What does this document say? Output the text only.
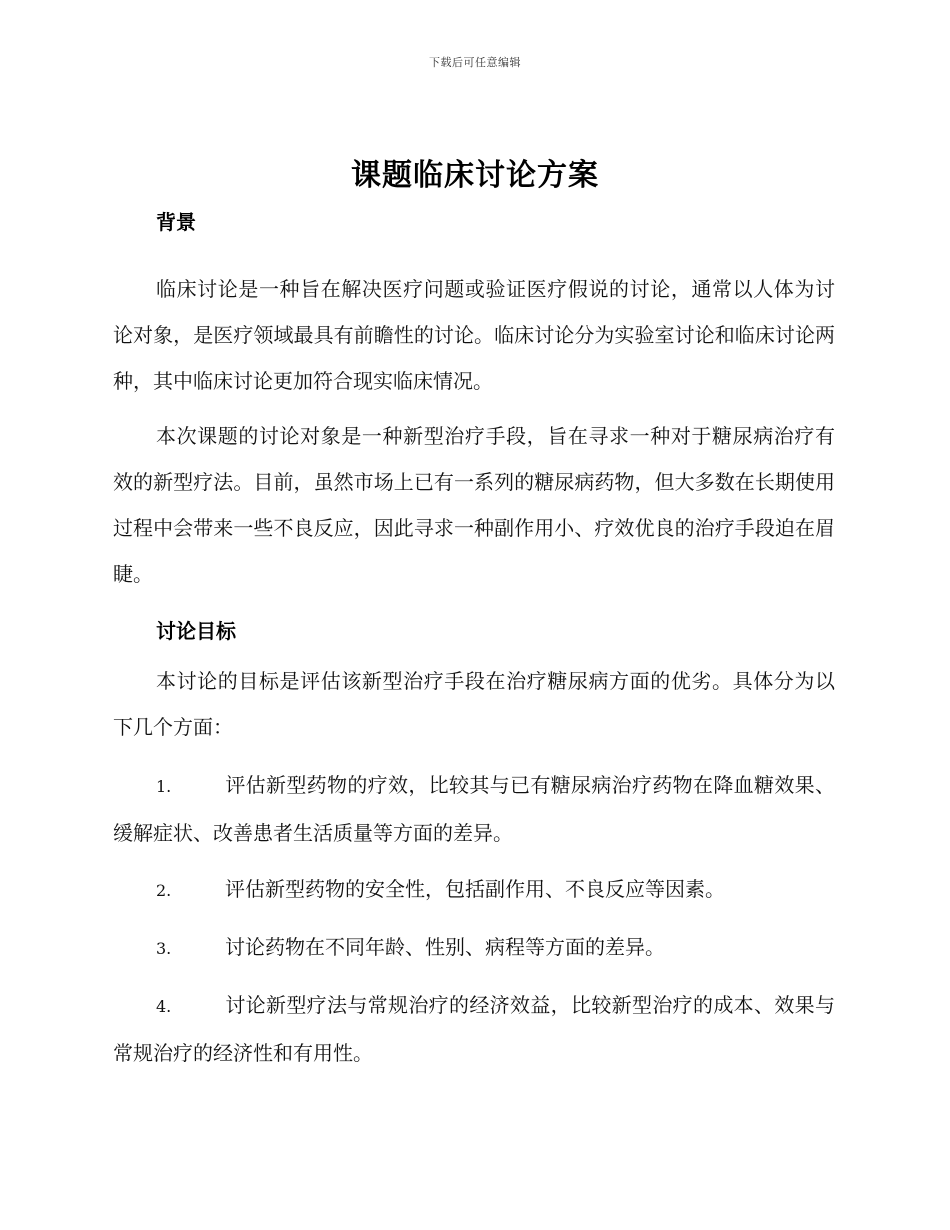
下载后可任意编辑
课题临床讨论方案

背景

临床讨论是一种旨在解决医疗问题或验证医疗假说的讨论，通常以人体为讨论对象，是医疗领域最具有前瞻性的讨论。临床讨论分为实验室讨论和临床讨论两种，其中临床讨论更加符合现实临床情况。

本次课题的讨论对象是一种新型治疗手段，旨在寻求一种对于糖尿病治疗有效的新型疗法。目前，虽然市场上已有一系列的糖尿病药物，但大多数在长期使用过程中会带来一些不良反应，因此寻求一种副作用小、疗效优良的治疗手段迫在眉睫。

讨论目标

本讨论的目标是评估该新型治疗手段在治疗糖尿病方面的优劣。具体分为以下几个方面：

1.	评估新型药物的疗效，比较其与已有糖尿病治疗药物在降血糖效果、缓解症状、改善患者生活质量等方面的差异。

2.	评估新型药物的安全性，包括副作用、不良反应等因素。

3.	讨论药物在不同年龄、性别、病程等方面的差异。

4.	讨论新型疗法与常规治疗的经济效益，比较新型治疗的成本、效果与常规治疗的经济性和有用性。
